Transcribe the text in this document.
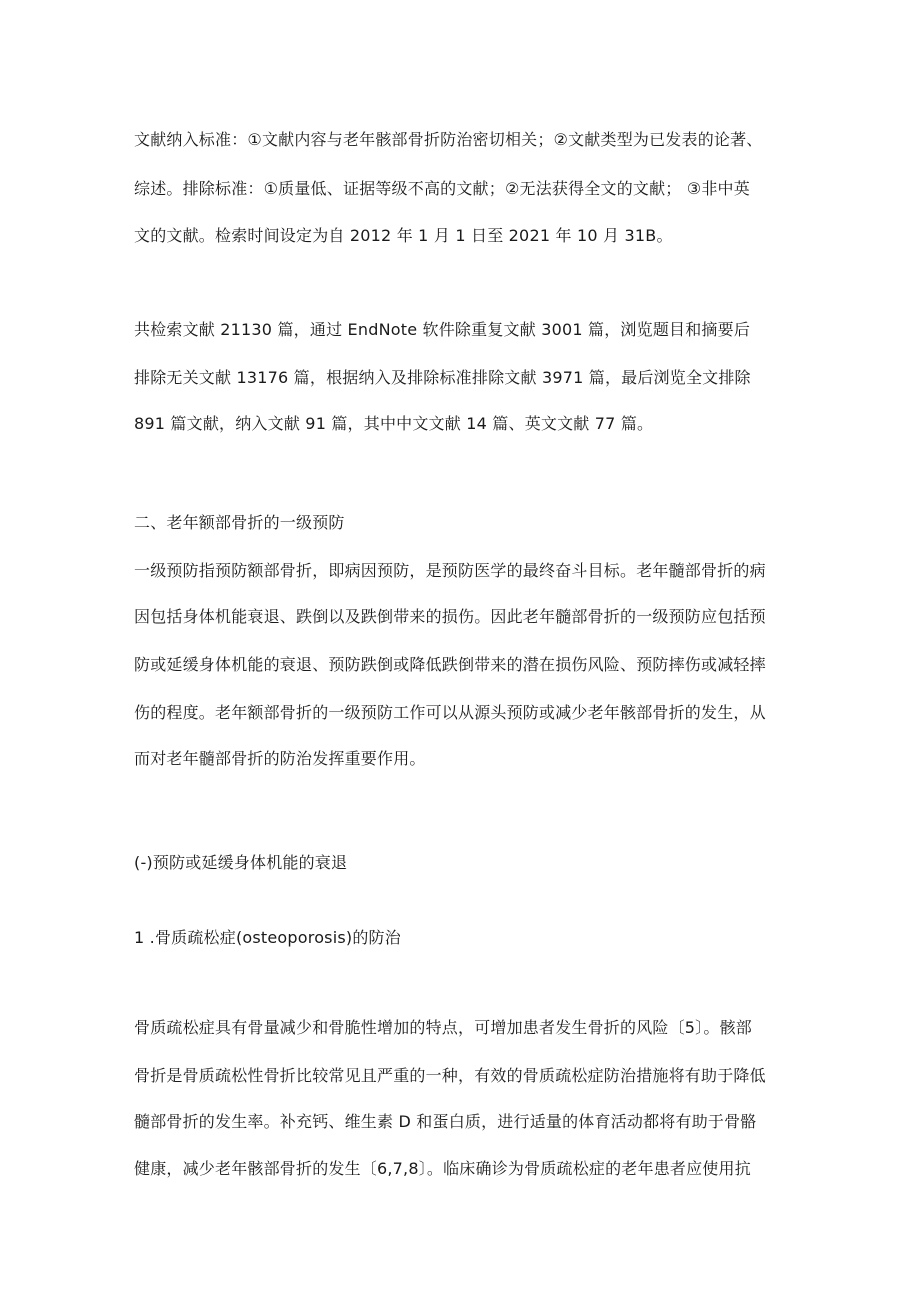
文献纳入标准：①文献内容与老年骸部骨折防治密切相关；②文献类型为已发表的论著、
综述。排除标准：①质量低、证据等级不高的文献；②无法获得全文的文献； ③非中英
文的文献。检索时间设定为自 2012 年 1 月 1 日至 2021 年 10 月 31B。
共检索文献 21130 篇，通过 EndNote 软件除重复文献 3001 篇，浏览题目和摘要后
排除无关文献 13176 篇，根据纳入及排除标准排除文献 3971 篇，最后浏览全文排除
891 篇文献，纳入文献 91 篇，其中中文文献 14 篇、英文文献 77 篇。
二、老年额部骨折的一级预防
一级预防指预防额部骨折，即病因预防，是预防医学的最终奋斗目标。老年髓部骨折的病
因包括身体机能衰退、跌倒以及跌倒带来的损伤。因此老年髓部骨折的一级预防应包括预
防或延缓身体机能的衰退、预防跌倒或降低跌倒带来的潜在损伤风险、预防摔伤或减轻摔
伤的程度。老年额部骨折的一级预防工作可以从源头预防或减少老年骸部骨折的发生，从
而对老年髓部骨折的防治发挥重要作用。
(-)预防或延缓身体机能的衰退
1 .骨质疏松症(osteoporosis)的防治
骨质疏松症具有骨量减少和骨脆性增加的特点，可增加患者发生骨折的风险〔5〕。骸部
骨折是骨质疏松性骨折比较常见且严重的一种，有效的骨质疏松症防治措施将有助于降低
髓部骨折的发生率。补充钙、维生素 D 和蛋白质，进行适量的体育活动都将有助于骨骼
健康，减少老年骸部骨折的发生〔6,7,8〕。临床确诊为骨质疏松症的老年患者应使用抗
